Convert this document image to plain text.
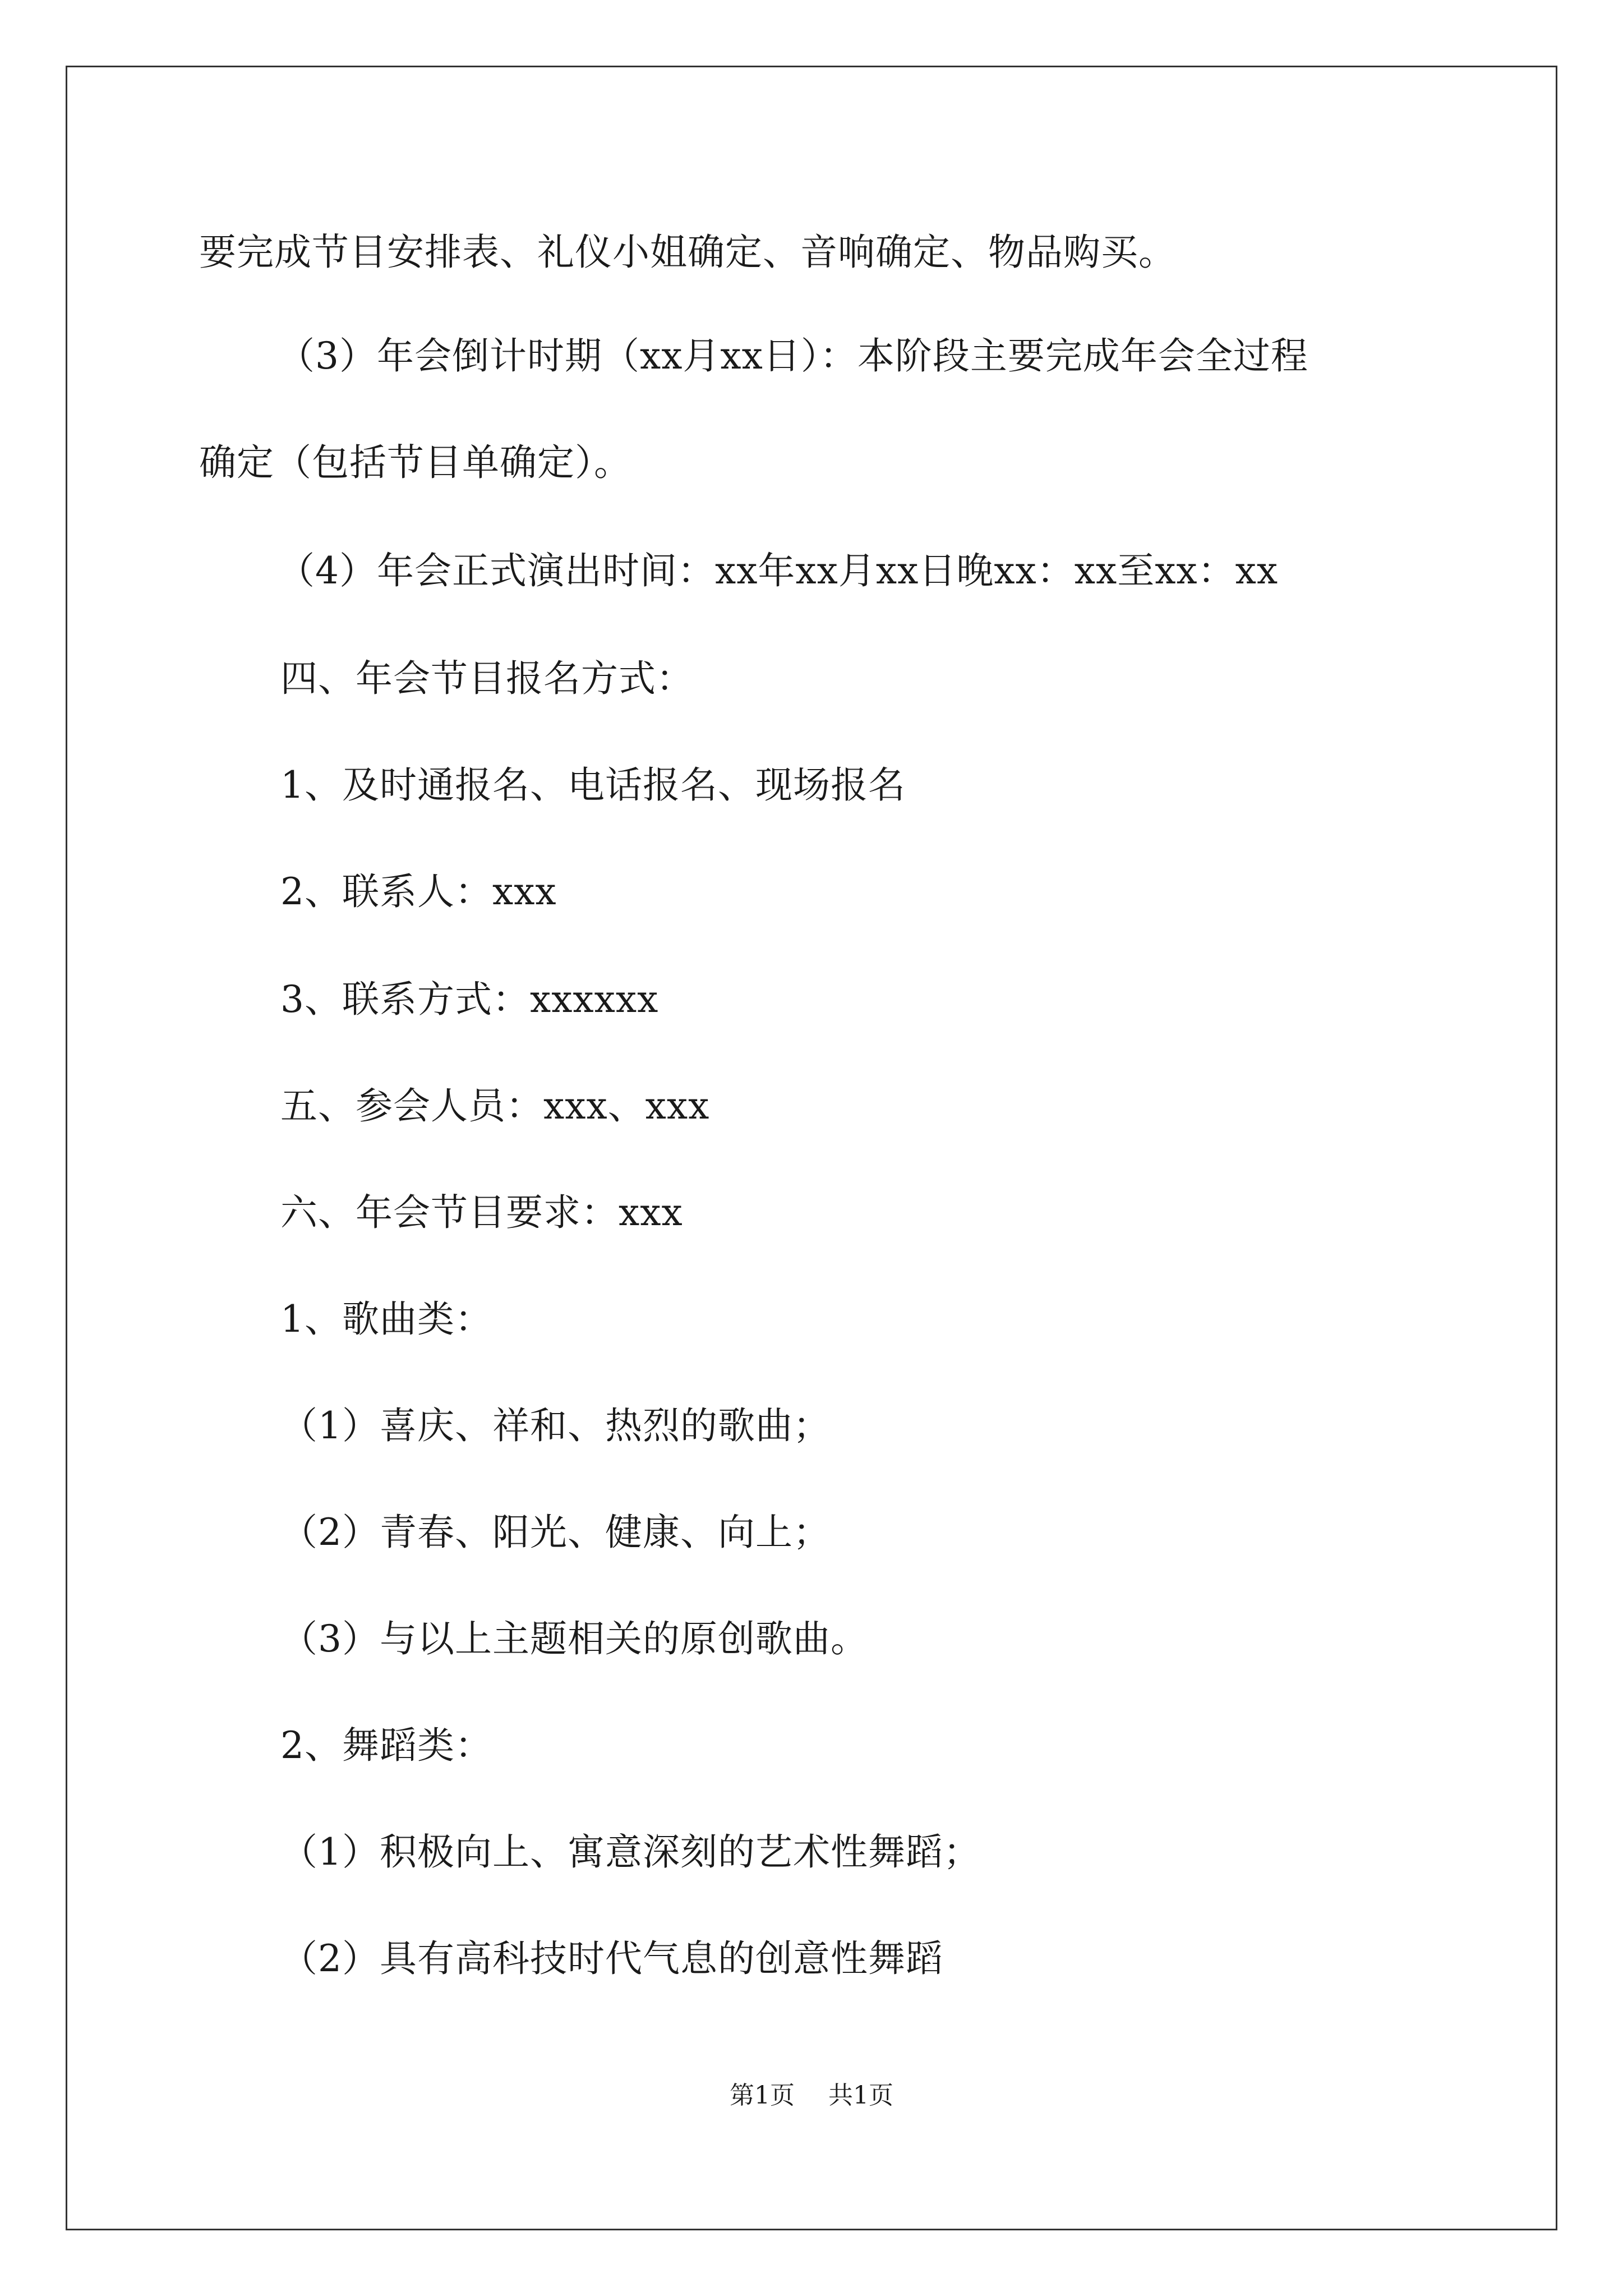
要完成节目安排表、礼仪小姐确定、音响确定、物品购买。
（3）年会倒计时期（xx月xx日）：本阶段主要完成年会全过程
确定（包括节目单确定）。
（4）年会正式演出时间：xx年xx月xx日晚xx：xx至xx：xx
四、年会节目报名方式：
1、及时通报名、电话报名、现场报名
2、联系人：xxx
3、联系方式：xxxxxx
五、参会人员：xxx、xxx
六、年会节目要求：xxx
1、歌曲类：
（1）喜庆、祥和、热烈的歌曲；
（2）青春、阳光、健康、向上；
（3）与以上主题相关的原创歌曲。
2、舞蹈类：
（1）积极向上、寓意深刻的艺术性舞蹈；
（2）具有高科技时代气息的创意性舞蹈
第1页 共1页
